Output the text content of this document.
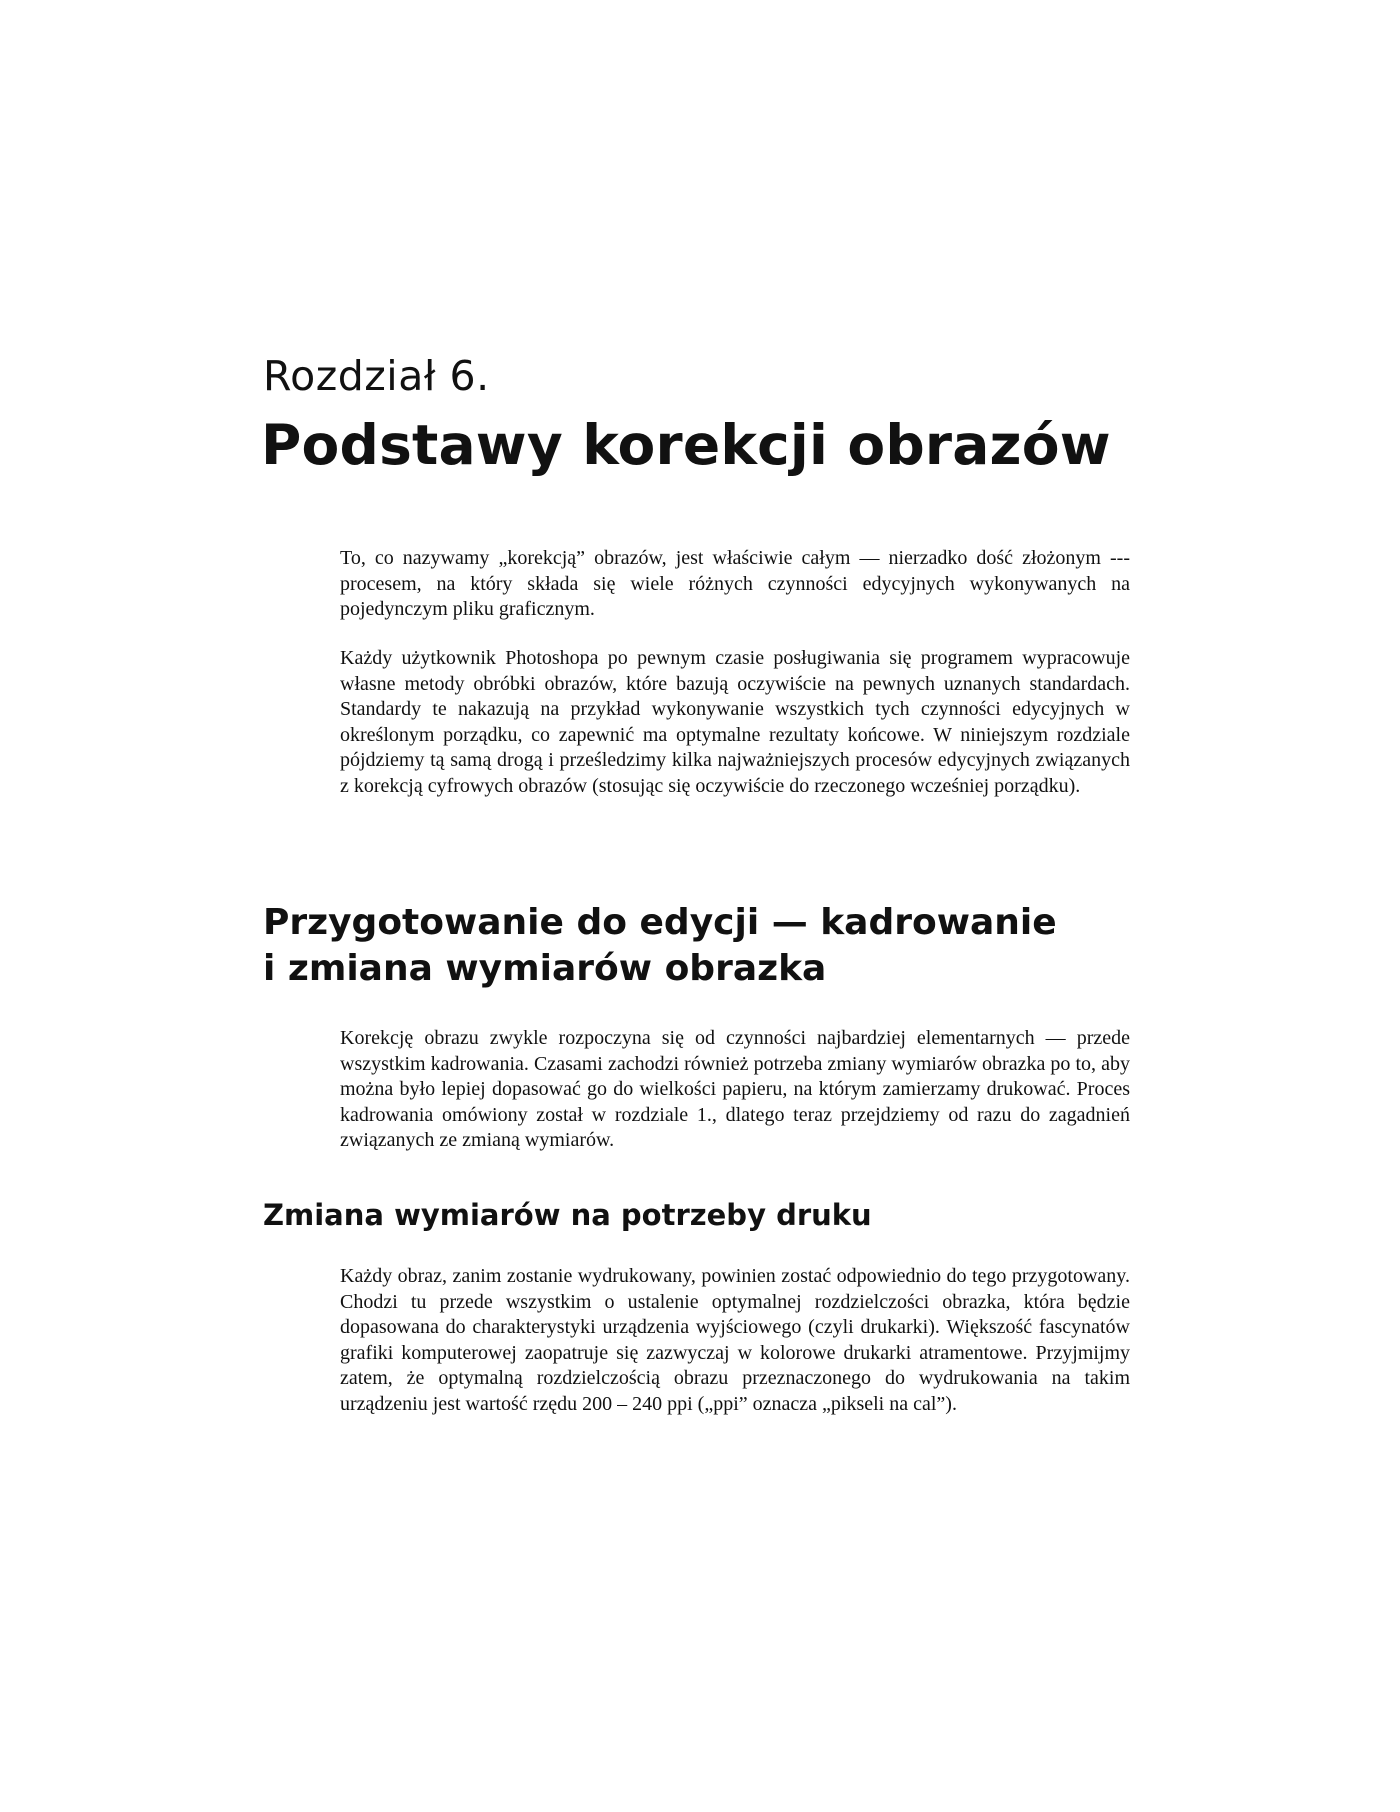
Rozdział 6.
Podstawy korekcji obrazów

To, co nazywamy „korekcją” obrazów, jest właściwie całym — nierzadko dość złożonym --- procesem, na który składa się wiele różnych czynności edycyjnych wykonywanych na pojedynczym pliku graficznym.

Każdy użytkownik Photoshopa po pewnym czasie posługiwania się programem wypracowuje własne metody obróbki obrazów, które bazują oczywiście na pewnych uznanych standardach. Standardy te nakazują na przykład wykonywanie wszystkich tych czynności edycyjnych w określonym porządku, co zapewnić ma optymalne rezultaty końcowe. W niniejszym rozdziale pójdziemy tą samą drogą i prześledzimy kilka najważniejszych procesów edycyjnych związanych z korekcją cyfrowych obrazów (stosując się oczywiście do rzeczonego wcześniej porządku).

Przygotowanie do edycji — kadrowanie
i zmiana wymiarów obrazka

Korekcję obrazu zwykle rozpoczyna się od czynności najbardziej elementarnych — przede wszystkim kadrowania. Czasami zachodzi również potrzeba zmiany wymiarów obrazka po to, aby można było lepiej dopasować go do wielkości papieru, na którym zamierzamy drukować. Proces kadrowania omówiony został w rozdziale 1., dlatego teraz przejdziemy od razu do zagadnień związanych ze zmianą wymiarów.

Zmiana wymiarów na potrzeby druku

Każdy obraz, zanim zostanie wydrukowany, powinien zostać odpowiednio do tego przygotowany. Chodzi tu przede wszystkim o ustalenie optymalnej rozdzielczości obrazka, która będzie dopasowana do charakterystyki urządzenia wyjściowego (czyli drukarki). Większość fascynatów grafiki komputerowej zaopatruje się zazwyczaj w kolorowe drukarki atramentowe. Przyjmijmy zatem, że optymalną rozdzielczością obrazu przeznaczonego do wydrukowania na takim urządzeniu jest wartość rzędu 200 – 240 ppi („ppi” oznacza „pikseli na cal”).
